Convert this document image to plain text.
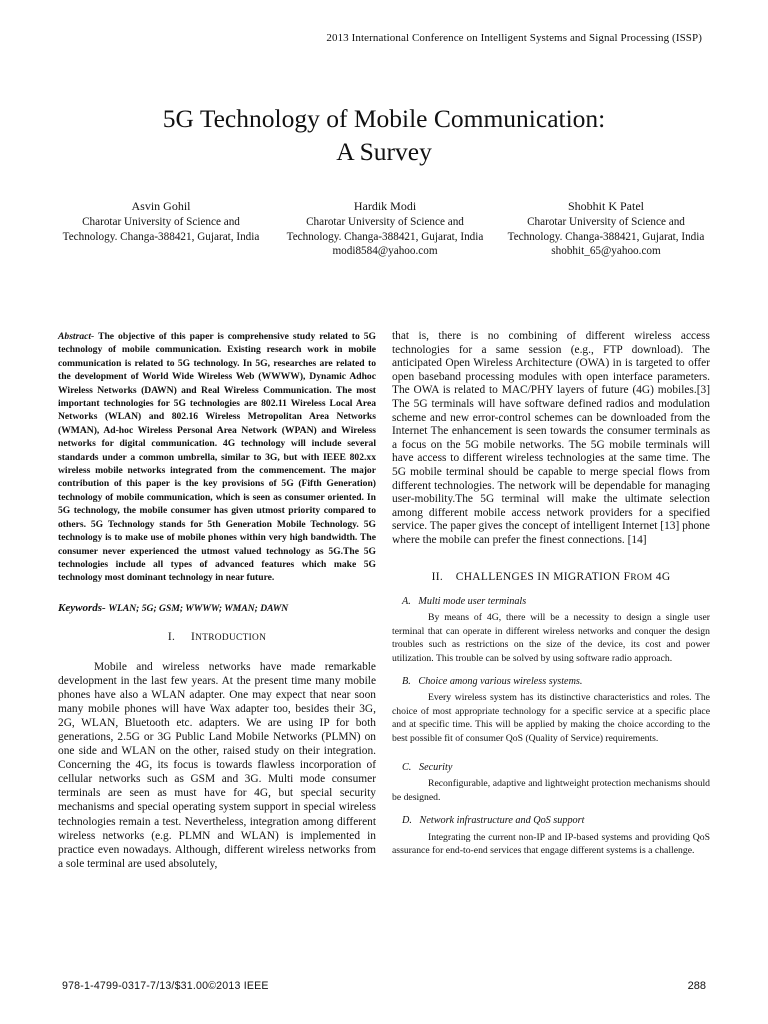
2013 International Conference on Intelligent Systems and Signal Processing (ISSP)
5G Technology of Mobile Communication:
A Survey
Asvin Gohil
Charotar University of Science and Technology. Changa-388421, Gujarat, India
Hardik Modi
Charotar University of Science and Technology. Changa-388421, Gujarat, India
modi8584@yahoo.com
Shobhit K Patel
Charotar University of Science and Technology. Changa-388421, Gujarat, India
shobhit_65@yahoo.com

Abstract- The objective of this paper is comprehensive study related to 5G technology of mobile communication. Existing research work in mobile communication is related to 5G technology. In 5G, researches are related to the development of World Wide Wireless Web (WWWW), Dynamic Adhoc Wireless Networks (DAWN) and Real Wireless Communication. The most important technologies for 5G technologies are 802.11 Wireless Local Area Networks (WLAN) and 802.16 Wireless Metropolitan Area Networks (WMAN), Ad-hoc Wireless Personal Area Network (WPAN) and Wireless networks for digital communication. 4G technology will include several standards under a common umbrella, similar to 3G, but with IEEE 802.xx wireless mobile networks integrated from the commencement. The major contribution of this paper is the key provisions of 5G (Fifth Generation) technology of mobile communication, which is seen as consumer oriented. In 5G technology, the mobile consumer has given utmost priority compared to others. 5G Technology stands for 5th Generation Mobile Technology. 5G technology is to make use of mobile phones within very high bandwidth. The consumer never experienced the utmost valued technology as 5G.The 5G technologies include all types of advanced features which make 5G technology most dominant technology in near future.

Keywords- WLAN; 5G; GSM; WWWW; WMAN; DAWN

I. INTRODUCTION

Mobile and wireless networks have made remarkable development in the last few years. At the present time many mobile phones have also a WLAN adapter. One may expect that near soon many mobile phones will have Wax adapter too, besides their 3G, 2G, WLAN, Bluetooth etc. adapters. We are using IP for both generations, 2.5G or 3G Public Land Mobile Networks (PLMN) on one side and WLAN on the other, raised study on their integration. Concerning the 4G, its focus is towards flawless incorporation of cellular networks such as GSM and 3G. Multi mode consumer terminals are seen as must have for 4G, but special security mechanisms and special operating system support in special wireless technologies remain a test. Nevertheless, integration among different wireless networks (e.g. PLMN and WLAN) is implemented in practice even nowadays. Although, different wireless networks from a sole terminal are used absolutely,

that is, there is no combining of different wireless access technologies for a same session (e.g., FTP download). The anticipated Open Wireless Architecture (OWA) in is targeted to offer open baseband processing modules with open interface parameters. The OWA is related to MAC/PHY layers of future (4G) mobiles.[3] The 5G terminals will have software defined radios and modulation scheme and new error-control schemes can be downloaded from the Internet The enhancement is seen towards the consumer terminals as a focus on the 5G mobile networks. The 5G mobile terminals will have access to different wireless technologies at the same time. The 5G mobile terminal should be capable to merge special flows from different technologies. The network will be dependable for managing user-mobility.The 5G terminal will make the ultimate selection among different mobile access network providers for a specified service. The paper gives the concept of intelligent Internet [13] phone where the mobile can prefer the finest connections. [14]

II. CHALLENGES IN MIGRATION FROM 4G
A. Multi mode user terminals

By means of 4G, there will be a necessity to design a single user terminal that can operate in different wireless networks and conquer the design troubles such as restrictions on the size of the device, its cost and power utilization. This trouble can be solved by using software radio approach.

B. Choice among various wireless systems.

Every wireless system has its distinctive characteristics and roles. The choice of most appropriate technology for a specific service at a specific place and at specific time. This will be applied by making the choice according to the best possible fit of consumer QoS (Quality of Service) requirements.

C. Security

Reconfigurable, adaptive and lightweight protection mechanisms should be designed.

D. Network infrastructure and QoS support

Integrating the current non-IP and IP-based systems and providing QoS assurance for end-to-end services that engage different systems is a challenge.

978-1-4799-0317-7/13/$31.00©2013 IEEE	288
